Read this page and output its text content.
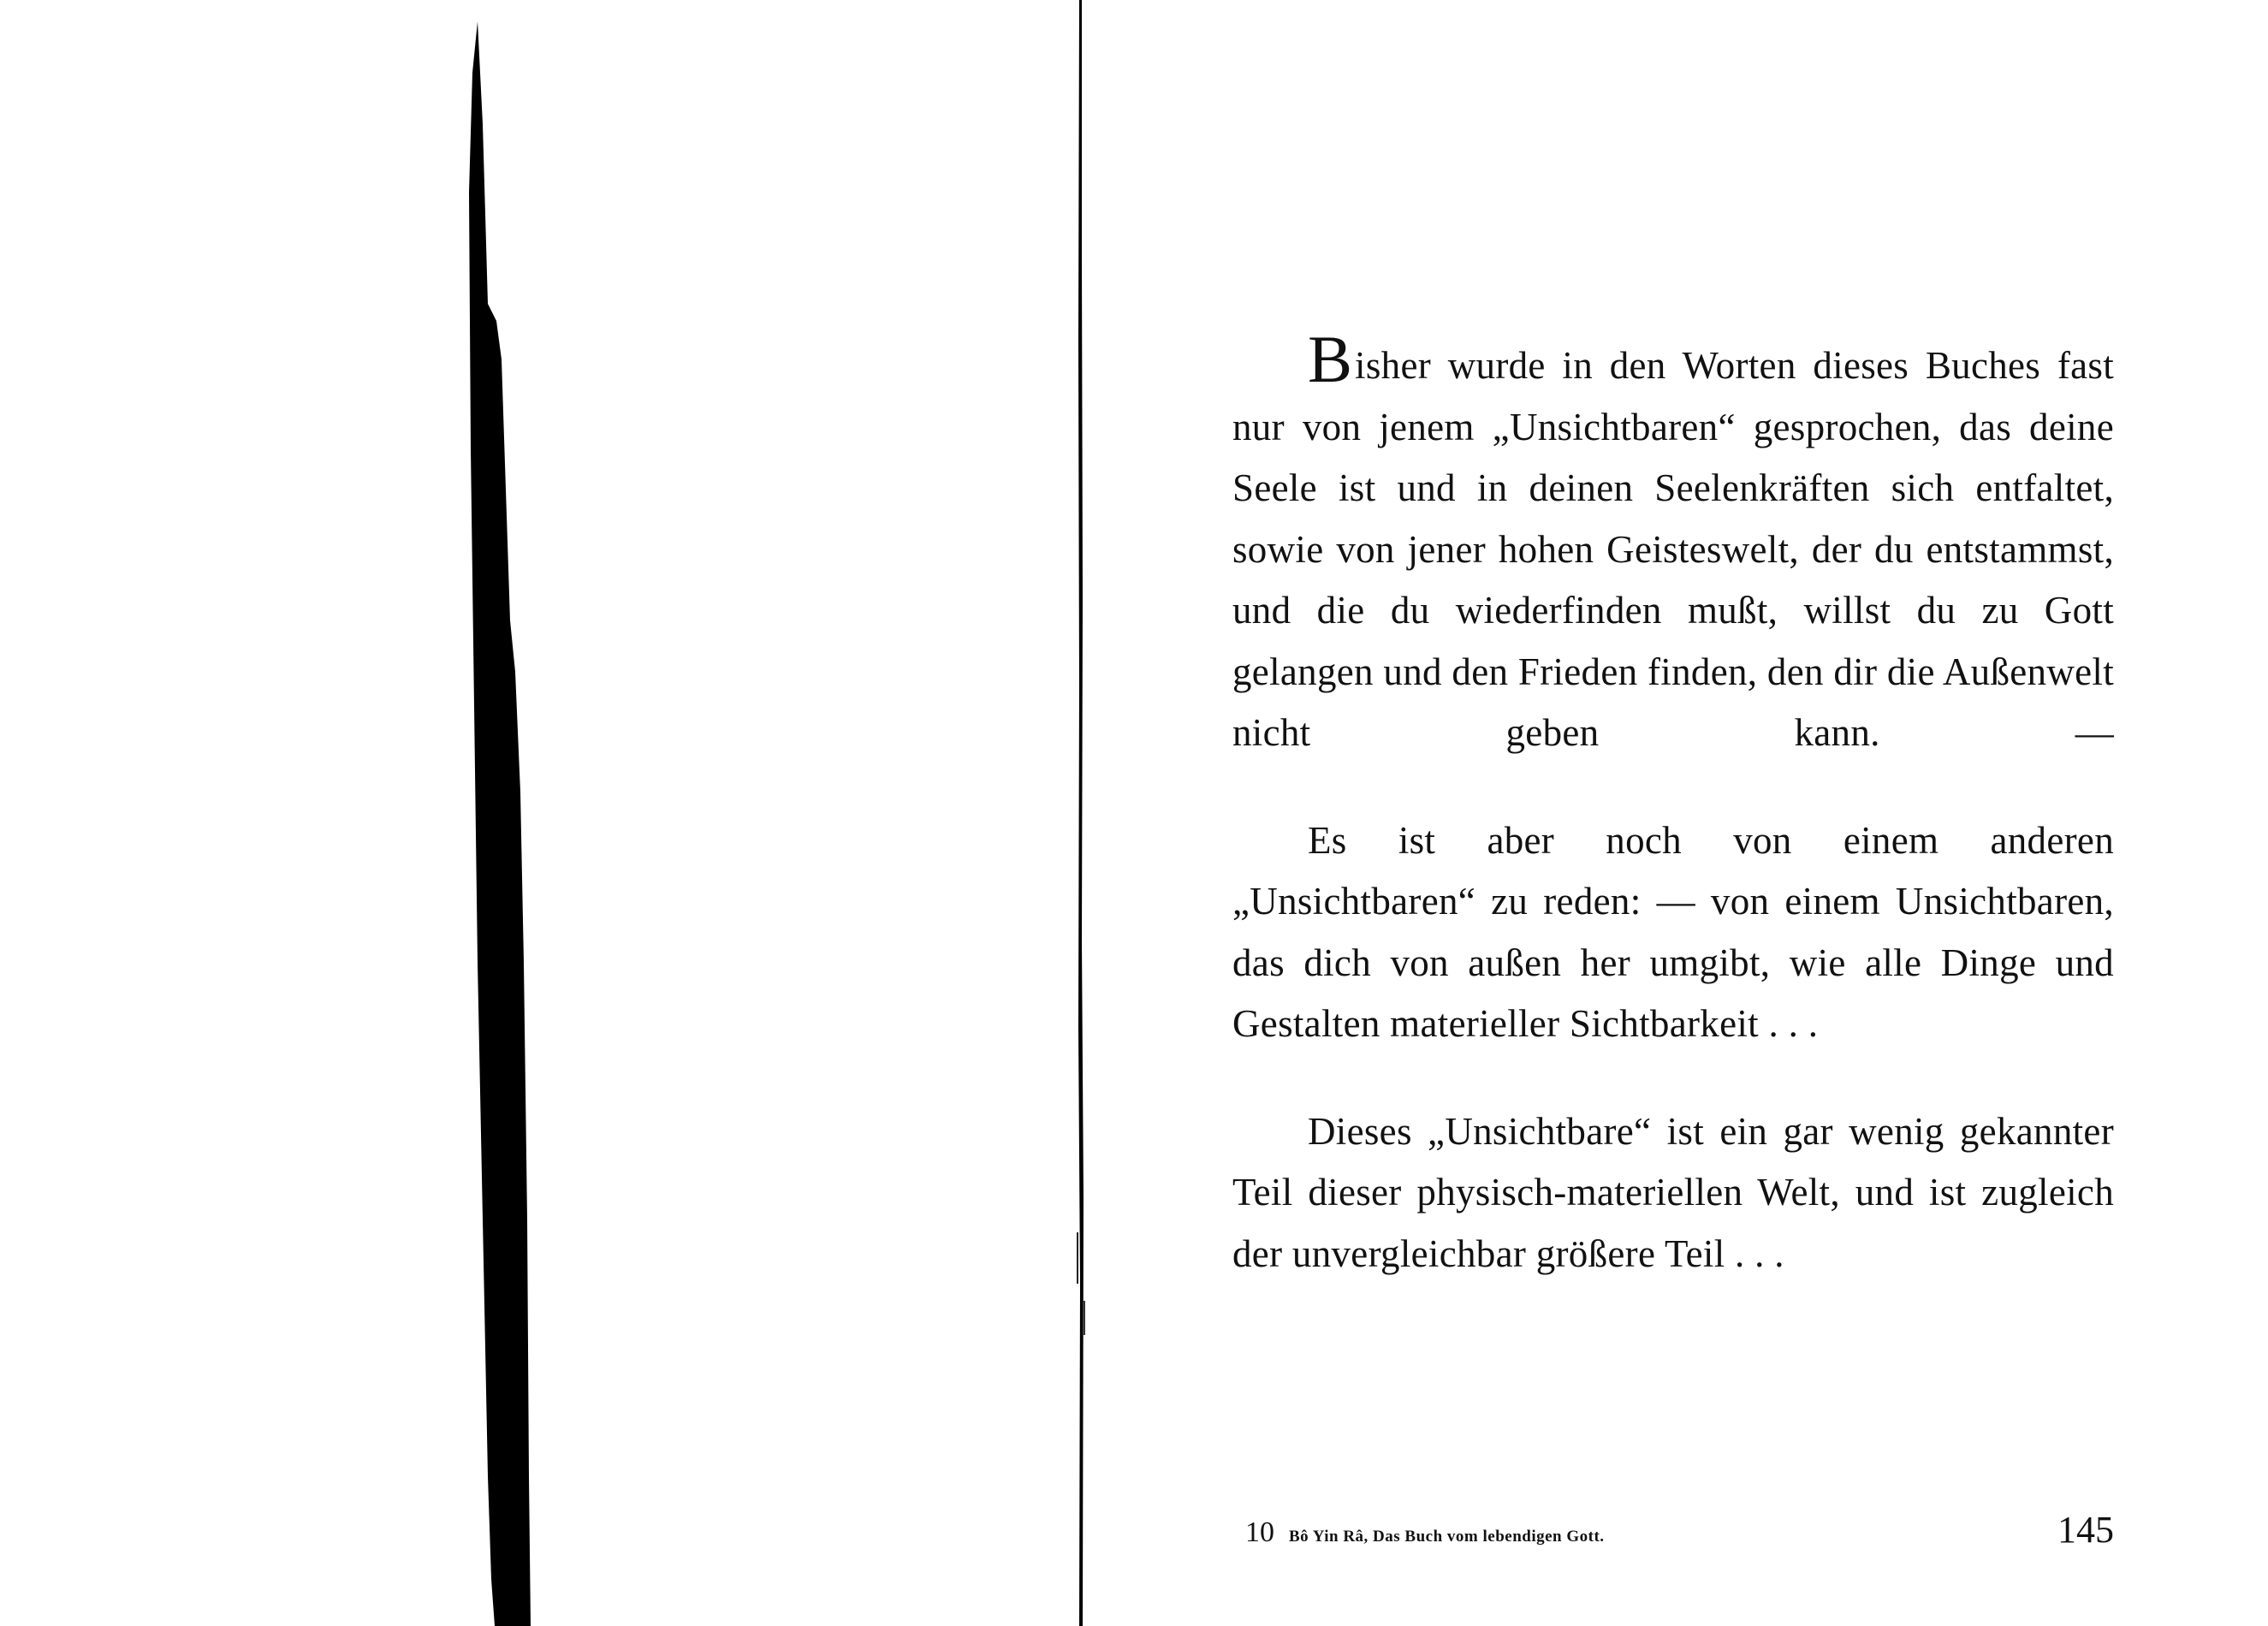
Bisher wurde in den Worten dieses Buches fast nur von jenem „Unsichtbaren“ gesprochen, das deine Seele ist und in deinen Seelenkräften sich entfaltet, sowie von jener hohen Geisteswelt, der du entstammst, und die du wiederfinden mußt, willst du zu Gott gelangen und den Frieden finden, den dir die Außenwelt nicht geben kann. —

Es ist aber noch von einem anderen „Unsichtbaren“ zu reden: — von einem Unsichtbaren, das dich von außen her umgibt, wie alle Dinge und Gestalten materieller Sichtbarkeit . . .

Dieses „Unsichtbare“ ist ein gar wenig gekannter Teil dieser physisch-materiellen Welt, und ist zugleich der unvergleichbar größere Teil . . .

10 Bô Yin Râ, Das Buch vom lebendigen Gott.	145
